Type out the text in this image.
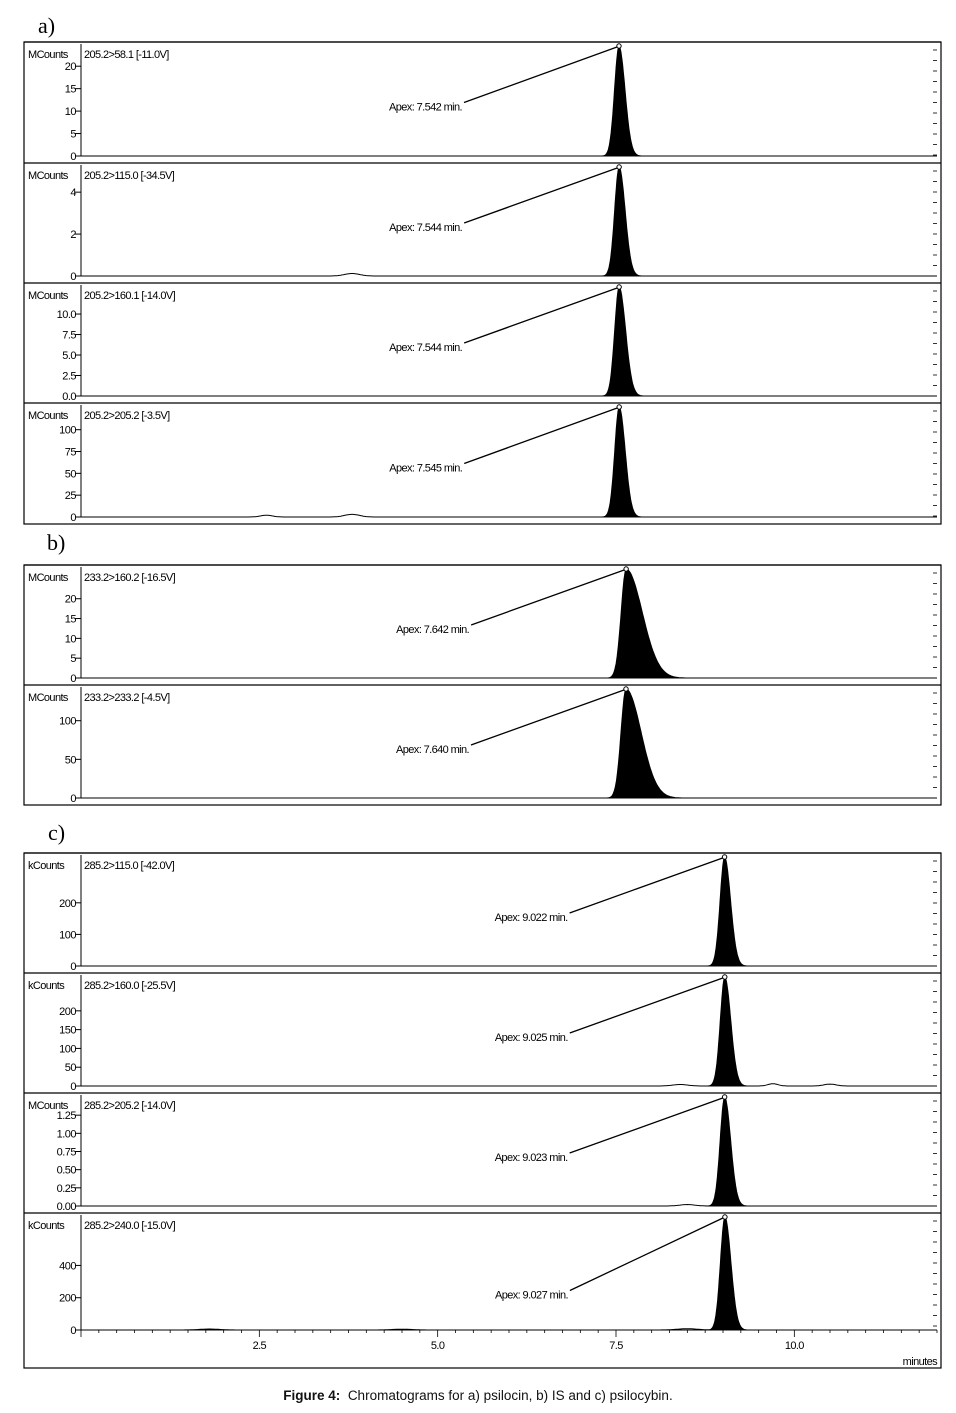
a)
b)
c)
0
5
10
15
20
MCounts 205.2>58.1 [-11.0V]
Apex: 7.542 min.
0
2
4
MCounts 205.2>115.0 [-34.5V]
Apex: 7.544 min.
0.0
2.5
5.0
7.5
10.0
MCounts 205.2>160.1 [-14.0V]
Apex: 7.544 min.
0
25
50
75
100
MCounts 205.2>205.2 [-3.5V]
Apex: 7.545 min.
0
5
10
15
20
MCounts 233.2>160.2 [-16.5V]
Apex: 7.642 min.
0
50
100
MCounts 233.2>233.2 [-4.5V]
Apex: 7.640 min.
0
100
200
kCounts 285.2>115.0 [-42.0V]
Apex: 9.022 min.
0
50
100
150
200
kCounts 285.2>160.0 [-25.5V]
Apex: 9.025 min.
0.00
0.25
0.50
0.75
1.00
1.25
MCounts 285.2>205.2 [-14.0V]
Apex: 9.023 min.
0
200
400
kCounts 285.2>240.0 [-15.0V]
Apex: 9.027 min.
2.5	5.0	7.5	10.0
minutes
Figure 4: Chromatograms for a) psilocin, b) IS and c) psilocybin.
